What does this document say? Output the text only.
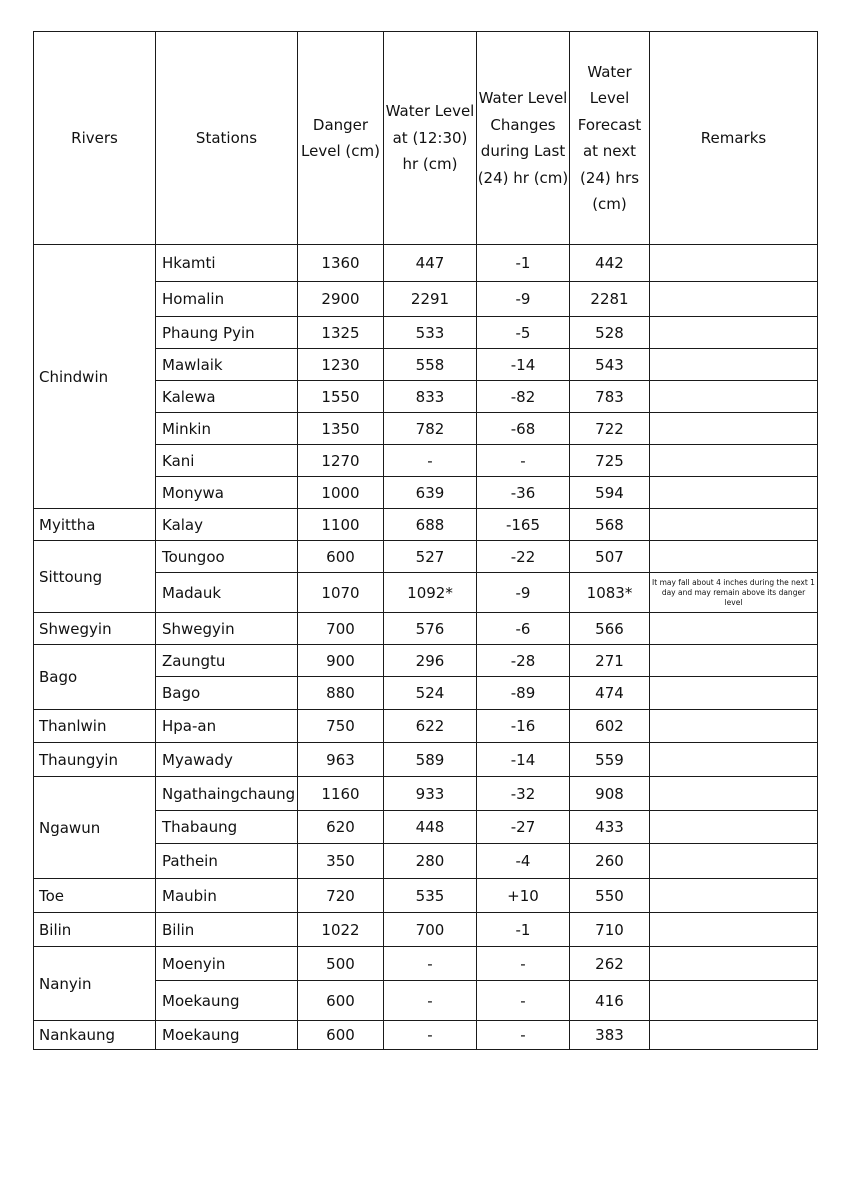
Rivers	Stations	Danger Level (cm)	Water Level at (12:30) hr (cm)	Water Level Changes during Last (24) hr (cm)	Water Level Forecast at next (24) hrs (cm)	Remarks
Chindwin	Hkamti	1360	447	-1	442	
	Homalin	2900	2291	-9	2281	
	Phaung Pyin	1325	533	-5	528	
	Mawlaik	1230	558	-14	543	
	Kalewa	1550	833	-82	783	
	Minkin	1350	782	-68	722	
	Kani	1270	-	-	725	
	Monywa	1000	639	-36	594	
Myittha	Kalay	1100	688	-165	568	
Sittoung	Toungoo	600	527	-22	507	
	Madauk	1070	1092*	-9	1083*	It may fall about 4 inches during the next 1 day and may remain above its danger level
Shwegyin	Shwegyin	700	576	-6	566	
Bago	Zaungtu	900	296	-28	271	
	Bago	880	524	-89	474	
Thanlwin	Hpa-an	750	622	-16	602	
Thaungyin	Myawady	963	589	-14	559	
Ngawun	Ngathaingchaung	1160	933	-32	908	
	Thabaung	620	448	-27	433	
	Pathein	350	280	-4	260	
Toe	Maubin	720	535	+10	550	
Bilin	Bilin	1022	700	-1	710	
Nanyin	Moenyin	500	-	-	262	
	Moekaung	600	-	-	416	
Nankaung	Moekaung	600	-	-	383	
